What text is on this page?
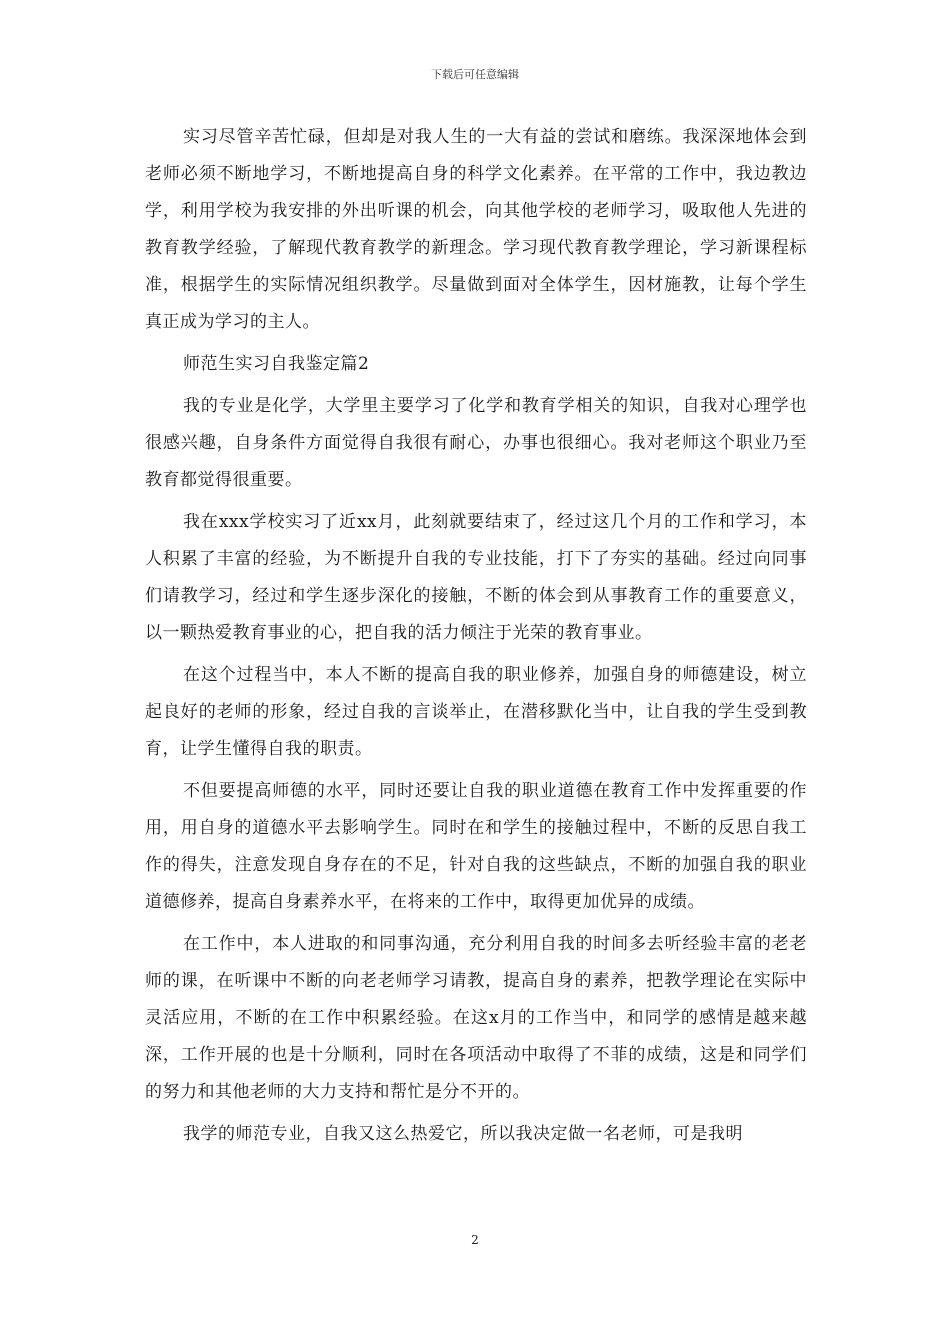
下载后可任意编辑

实习尽管辛苦忙碌，但却是对我人生的一大有益的尝试和磨练。我深深地体会到老师必须不断地学习，不断地提高自身的科学文化素养。在平常的工作中，我边教边学，利用学校为我安排的外出听课的机会，向其他学校的老师学习，吸取他人先进的教育教学经验，了解现代教育教学的新理念。学习现代教育教学理论，学习新课程标准，根据学生的实际情况组织教学。尽量做到面对全体学生，因材施教，让每个学生真正成为学习的主人。

师范生实习自我鉴定篇2

我的专业是化学，大学里主要学习了化学和教育学相关的知识，自我对心理学也很感兴趣，自身条件方面觉得自我很有耐心，办事也很细心。我对老师这个职业乃至教育都觉得很重要。

我在xxx学校实习了近xx月，此刻就要结束了，经过这几个月的工作和学习，本人积累了丰富的经验，为不断提升自我的专业技能，打下了夯实的基础。经过向同事们请教学习，经过和学生逐步深化的接触，不断的体会到从事教育工作的重要意义，以一颗热爱教育事业的心，把自我的活力倾注于光荣的教育事业。

在这个过程当中，本人不断的提高自我的职业修养，加强自身的师德建设，树立起良好的老师的形象，经过自我的言谈举止，在潜移默化当中，让自我的学生受到教育，让学生懂得自我的职责。

不但要提高师德的水平，同时还要让自我的职业道德在教育工作中发挥重要的作用，用自身的道德水平去影响学生。同时在和学生的接触过程中，不断的反思自我工作的得失，注意发现自身存在的不足，针对自我的这些缺点，不断的加强自我的职业道德修养，提高自身素养水平，在将来的工作中，取得更加优异的成绩。

在工作中，本人进取的和同事沟通，充分利用自我的时间多去听经验丰富的老老师的课，在听课中不断的向老老师学习请教，提高自身的素养，把教学理论在实际中灵活应用，不断的在工作中积累经验。在这x月的工作当中，和同学的感情是越来越深，工作开展的也是十分顺利，同时在各项活动中取得了不菲的成绩，这是和同学们的努力和其他老师的大力支持和帮忙是分不开的。

我学的师范专业，自我又这么热爱它，所以我决定做一名老师，可是我明

2
